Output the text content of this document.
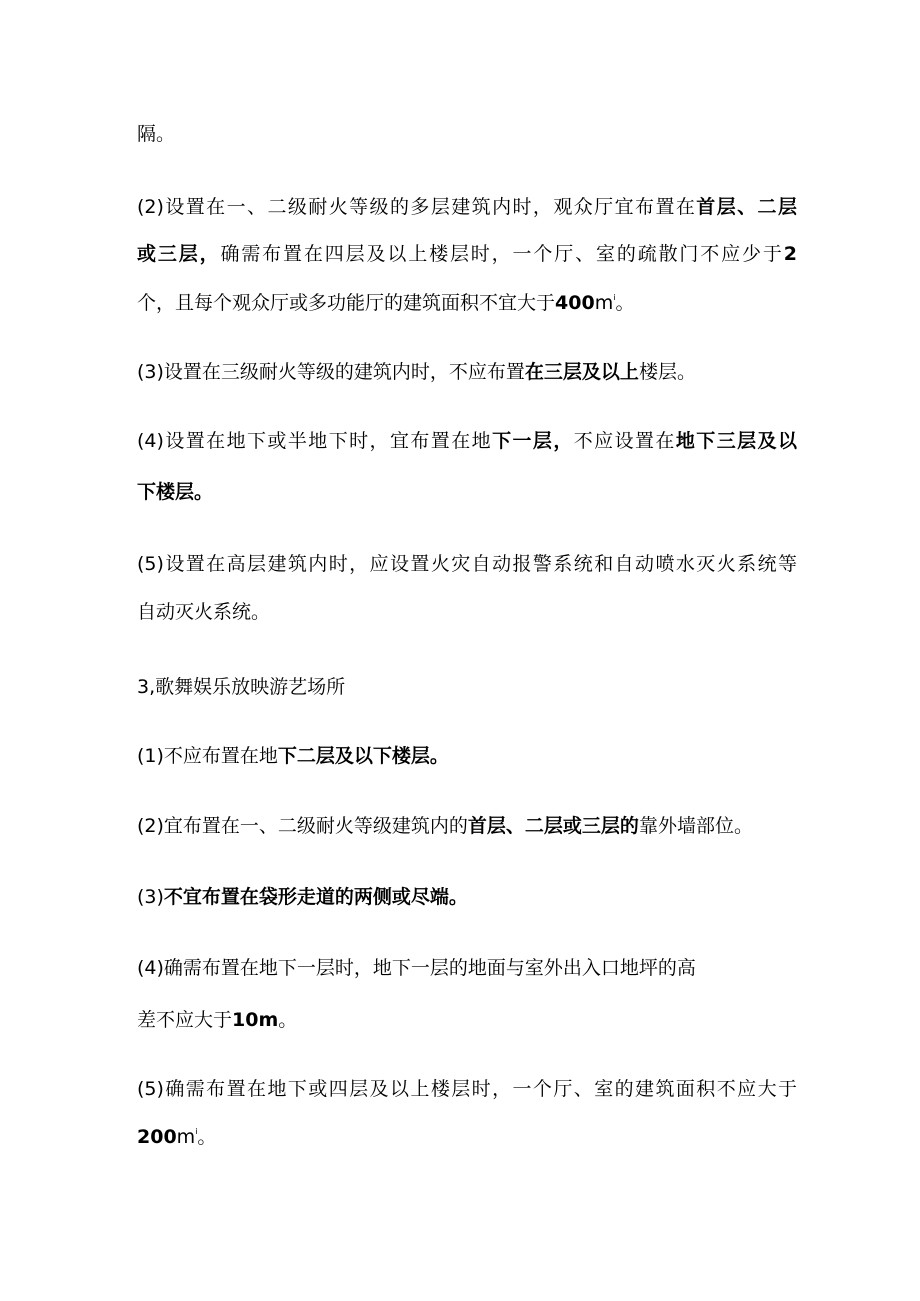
隔。
(2)设置在一、二级耐火等级的多层建筑内时，观众厅宜布置在首层、二层
或三层，确需布置在四层及以上楼层时，一个厅、室的疏散门不应少于2
个，且每个观众厅或多功能厅的建筑面积不宜大于$400m^i$。
(3)设置在三级耐火等级的建筑内时，不应布置在三层及以上楼层。
(4)设置在地下或半地下时，宜布置在地下一层，不应设置在地下三层及以
下楼层。
(5)设置在高层建筑内时，应设置火灾自动报警系统和自动喷水灭火系统等
自动灭火系统。
3,歌舞娱乐放映游艺场所
(1)不应布置在地下二层及以下楼层。
(2)宜布置在一、二级耐火等级建筑内的首层、二层或三层的靠外墙部位。
(3)不宜布置在袋形走道的两侧或尽端。
(4)确需布置在地下一层时，地下一层的地面与室外出入口地坪的高
差不应大于10m。
(5)确需布置在地下或四层及以上楼层时，一个厅、室的建筑面积不应大于
$200m^i$。
